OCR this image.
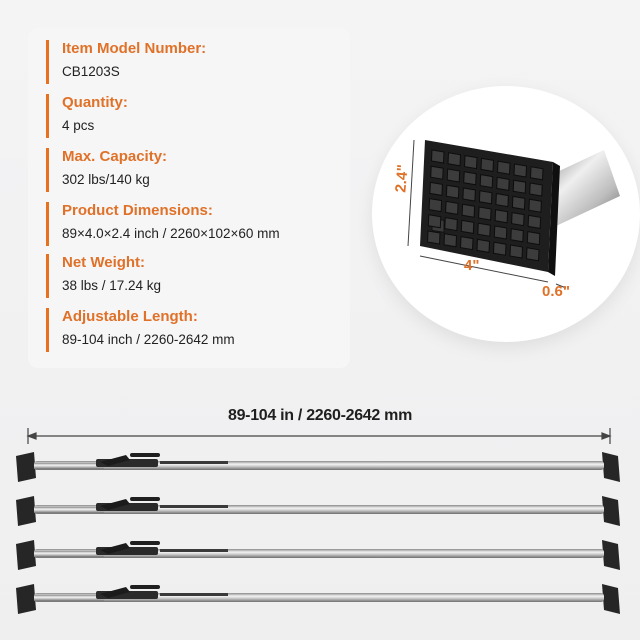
Item Model Number:
CB1203S
Quantity:
4 pcs
Max. Capacity:
302 lbs/140 kg
Product Dimensions:
89×4.0×2.4 inch / 2260×102×60 mm
Net Weight:
38 lbs / 17.24 kg
Adjustable Length:
89-104 inch / 2260-2642 mm
2.4"
4"
0.6"
89-104 in / 2260-2642 mm
